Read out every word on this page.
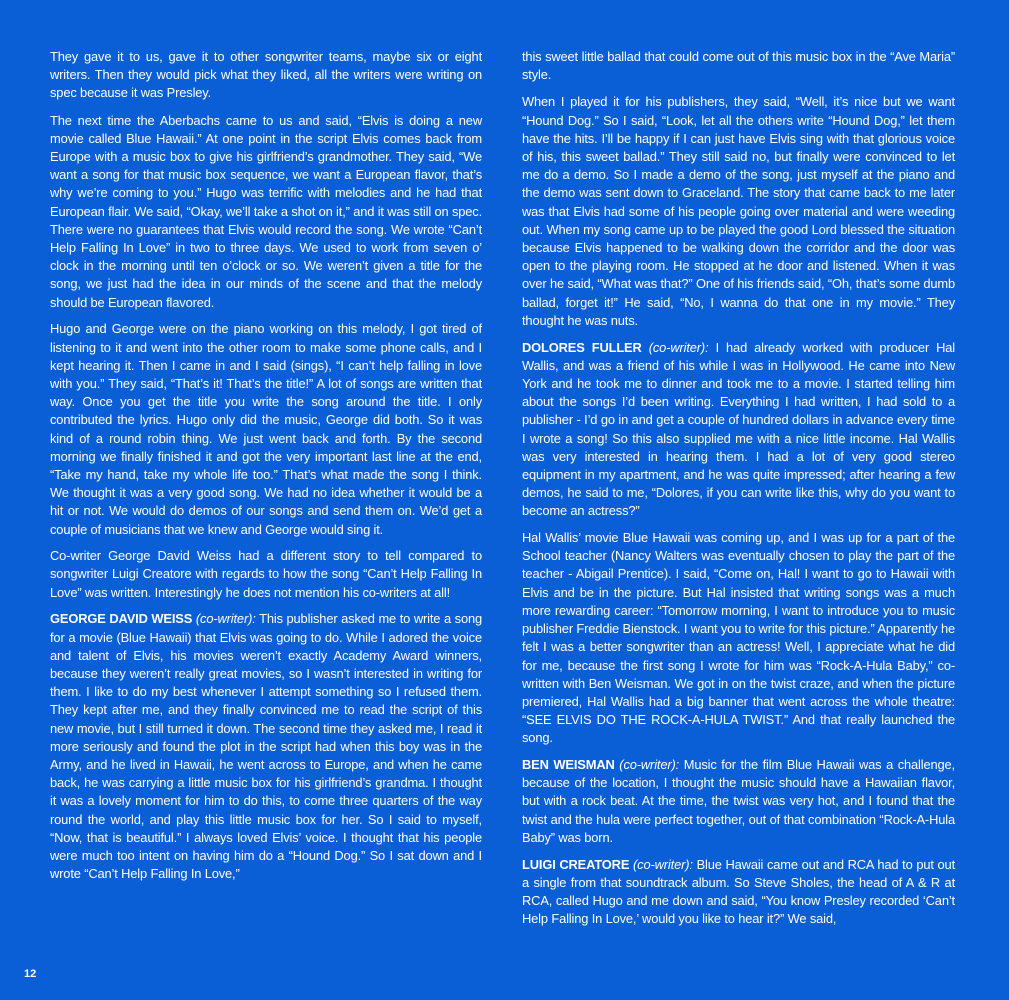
They gave it to us, gave it to other songwriter teams, maybe six or eight writers. Then they would pick what they liked, all the writers were writing on spec because it was Presley.

The next time the Aberbachs came to us and said, “Elvis is doing a new movie called Blue Hawaii.” At one point in the script Elvis comes back from Europe with a music box to give his girlfriend’s grandmother. They said, “We want a song for that music box sequence, we want a European flavor, that’s why we’re coming to you.” Hugo was terrific with melodies and he had that European flair. We said, “Okay, we’ll take a shot on it,” and it was still on spec. There were no guarantees that Elvis would record the song. We wrote “Can’t Help Falling In Love” in two to three days. We used to work from seven o’ clock in the morning until ten o’clock or so. We weren’t given a title for the song, we just had the idea in our minds of the scene and that the melody should be European flavored.

Hugo and George were on the piano working on this melody, I got tired of listening to it and went into the other room to make some phone calls, and I kept hearing it. Then I came in and I said (sings), “I can’t help falling in love with you.” They said, “That’s it! That’s the title!” A lot of songs are written that way. Once you get the title you write the song around the title. I only contributed the lyrics. Hugo only did the music, George did both. So it was kind of a round robin thing. We just went back and forth. By the second morning we finally finished it and got the very important last line at the end, “Take my hand, take my whole life too.” That’s what made the song I think. We thought it was a very good song. We had no idea whether it would be a hit or not. We would do demos of our songs and send them on. We’d get a couple of musicians that we knew and George would sing it.

Co-writer George David Weiss had a different story to tell compared to songwriter Luigi Creatore with regards to how the song “Can’t Help Falling In Love” was written. Interestingly he does not mention his co-writers at all!

GEORGE DAVID WEISS (co-writer): This publisher asked me to write a song for a movie (Blue Hawaii) that Elvis was going to do. While I adored the voice and talent of Elvis, his movies weren’t exactly Academy Award winners, because they weren’t really great movies, so I wasn’t interested in writing for them. I like to do my best whenever I attempt something so I refused them. They kept after me, and they finally convinced me to read the script of this new movie, but I still turned it down. The second time they asked me, I read it more seriously and found the plot in the script had when this boy was in the Army, and he lived in Hawaii, he went across to Europe, and when he came back, he was carrying a little music box for his girlfriend’s grandma. I thought it was a lovely moment for him to do this, to come three quarters of the way round the world, and play this little music box for her. So I said to myself, “Now, that is beautiful.” I always loved Elvis’ voice. I thought that his people were much too intent on having him do a “Hound Dog.” So I sat down and I wrote “Can’t Help Falling In Love,”

this sweet little ballad that could come out of this music box in the “Ave Maria” style.

When I played it for his publishers, they said, “Well, it’s nice but we want “Hound Dog.” So I said, “Look, let all the others write “Hound Dog,” let them have the hits. I’ll be happy if I can just have Elvis sing with that glorious voice of his, this sweet ballad.” They still said no, but finally were convinced to let me do a demo. So I made a demo of the song, just myself at the piano and the demo was sent down to Graceland. The story that came back to me later was that Elvis had some of his people going over material and were weeding out. When my song came up to be played the good Lord blessed the situation because Elvis happened to be walking down the corridor and the door was open to the playing room. He stopped at he door and listened. When it was over he said, “What was that?” One of his friends said, “Oh, that’s some dumb ballad, forget it!” He said, “No, I wanna do that one in my movie.” They thought he was nuts.

DOLORES FULLER (co-writer): I had already worked with producer Hal Wallis, and was a friend of his while I was in Hollywood. He came into New York and he took me to dinner and took me to a movie. I started telling him about the songs I’d been writing. Everything I had written, I had sold to a publisher - I’d go in and get a couple of hundred dollars in advance every time I wrote a song! So this also supplied me with a nice little income. Hal Wallis was very interested in hearing them. I had a lot of very good stereo equipment in my apartment, and he was quite impressed; after hearing a few demos, he said to me, “Dolores, if you can write like this, why do you want to become an actress?”

Hal Wallis’ movie Blue Hawaii was coming up, and I was up for a part of the School teacher (Nancy Walters was eventually chosen to play the part of the teacher - Abigail Prentice). I said, “Come on, Hal! I want to go to Hawaii with Elvis and be in the picture. But Hal insisted that writing songs was a much more rewarding career: “Tomorrow morning, I want to introduce you to music publisher Freddie Bienstock. I want you to write for this picture.” Apparently he felt I was a better songwriter than an actress! Well, I appreciate what he did for me, because the first song I wrote for him was “Rock-A-Hula Baby,” co-written with Ben Weisman. We got in on the twist craze, and when the picture premiered, Hal Wallis had a big banner that went across the whole theatre: “SEE ELVIS DO THE ROCK-A-HULA TWIST.” And that really launched the song.

BEN WEISMAN (co-writer): Music for the film Blue Hawaii was a challenge, because of the location, I thought the music should have a Hawaiian flavor, but with a rock beat. At the time, the twist was very hot, and I found that the twist and the hula were perfect together, out of that combination “Rock-A-Hula Baby” was born.

LUIGI CREATORE (co-writer): Blue Hawaii came out and RCA had to put out a single from that soundtrack album. So Steve Sholes, the head of A & R at RCA, called Hugo and me down and said, “You know Presley recorded ‘Can’t Help Falling In Love,’ would you like to hear it?” We said,

12
